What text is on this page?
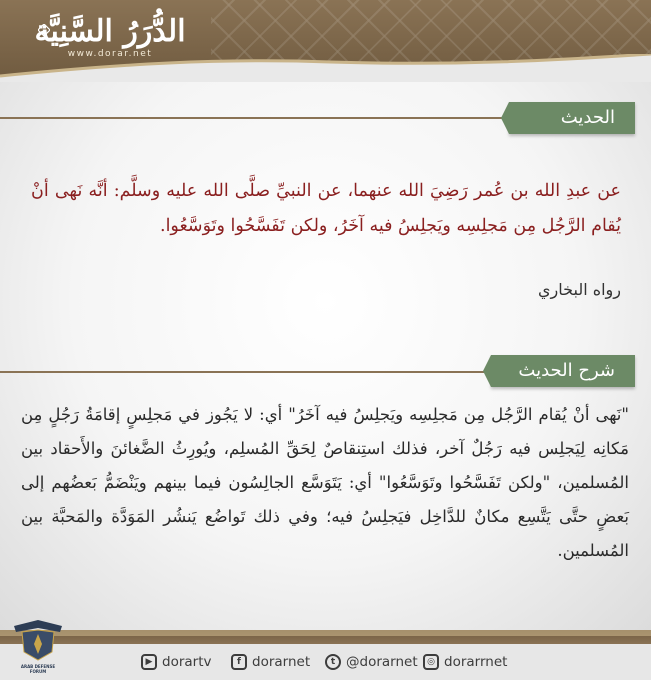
الدُّرَرُ السَّنِيَّة
www.dorar.net
الحديث
عن عبدِ الله بن عُمر رَضِيَ الله عنهما، عن النبيِّ صلَّى الله عليه وسلَّم: أنَّه نَهى أنْ يُقام الرَّجُل مِن مَجلِسِه ويَجلِسُ فيه آخَرُ، ولكن تَفَسَّحُوا وتَوَسَّعُوا.
رواه البخاري
شرح الحديث
"نَهى أنْ يُقام الرَّجُل مِن مَجلِسِه ويَجلِسُ فيه آخَرُ" أي: لا يَجُوز في مَجلِسٍ إقامَةُ رَجُلٍ مِن مَكانِه لِيَجلِس فيه رَجُلٌ آخر، فذلك استِنقاصٌ لِحَقِّ المُسلِم، ويُورِثُ الضَّغائنَ والأَحقاد بين المُسلمين، "ولكن تَفَسَّحُوا وتَوَسَّعُوا" أي: يَتَوَسَّع الجالِسُون فيما بينهم ويَنْضَمُّ بَعضُهم إلى بَعضٍ حتَّى يَتَّسِع مكانٌ للدَّاخِل فيَجلِسُ فيه؛ وفي ذلك تَواضُع يَنشُر المَوَدَّة والمَحبَّة بين المُسلمين.
ARAB DEFENSE FORUM
▶ dorartv	f dorarnet	t @dorarnet	◎ dorarrnet
